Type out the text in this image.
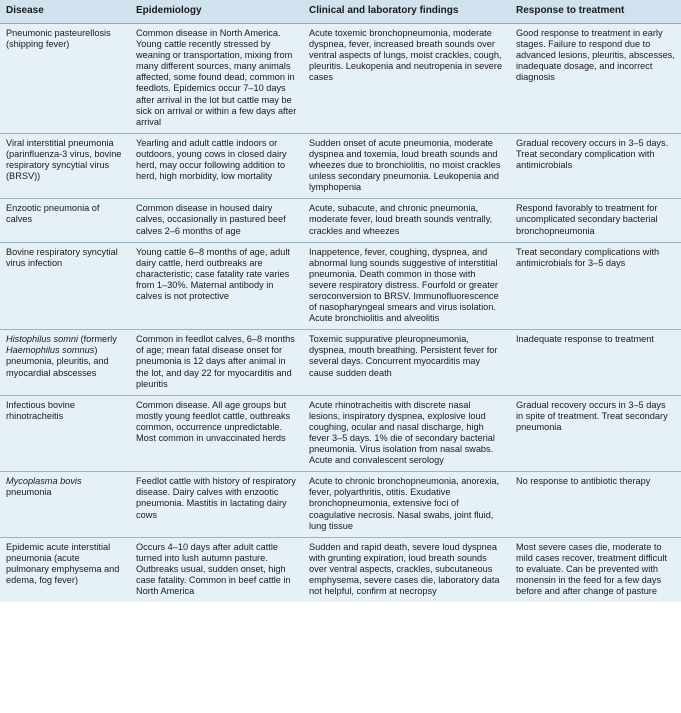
Disease	Epidemiology	Clinical and laboratory findings	Response to treatment
Pneumonic pasteurellosis (shipping fever)	Common disease in North America. Young cattle recently stressed by weaning or transportation, mixing from many different sources, many animals affected, some found dead, common in feedlots. Epidemics occur 7–10 days after arrival in the lot but cattle may be sick on arrival or within a few days after arrival	Acute toxemic bronchopneumonia, moderate dyspnea, fever, increased breath sounds over ventral aspects of lungs, moist crackles, cough, pleuritis. Leukopenia and neutropenia in severe cases	Good response to treatment in early stages. Failure to respond due to advanced lesions, pleuritis, abscesses, inadequate dosage, and incorrect diagnosis
Viral interstitial pneumonia (parinfluenza-3 virus, bovine respiratory syncytial virus (BRSV))	Yearling and adult cattle indoors or outdoors, young cows in closed dairy herd, may occur following addition to herd, high morbidity, low mortality	Sudden onset of acute pneumonia, moderate dyspnea and toxemia, loud breath sounds and wheezes due to bronchiolitis, no moist crackles unless secondary pneumonia. Leukopenia and lymphopenia	Gradual recovery occurs in 3–5 days. Treat secondary complication with antimicrobials
Enzootic pneumonia of calves	Common disease in housed dairy calves, occasionally in pastured beef calves 2–6 months of age	Acute, subacute, and chronic pneumonia, moderate fever, loud breath sounds ventrally, crackles and wheezes	Respond favorably to treatment for uncomplicated secondary bacterial bronchopneumonia
Bovine respiratory syncytial virus infection	Young cattle 6–8 months of age, adult dairy cattle, herd outbreaks are characteristic; case fatality rate varies from 1–30%. Maternal antibody in calves is not protective	Inappetence, fever, coughing, dyspnea, and abnormal lung sounds suggestive of interstitial pneumonia. Death common in those with severe respiratory distress. Fourfold or greater seroconversion to BRSV. Immunofluorescence of nasopharyngeal smears and virus isolation. Acute bronchiolitis and alveolitis	Treat secondary complications with antimicrobials for 3–5 days
Histophilus somni (formerly Haemophilus somnus) pneumonia, pleuritis, and myocardial abscesses	Common in feedlot calves, 6–8 months of age; mean fatal disease onset for pneumonia is 12 days after animal in the lot, and day 22 for myocarditis and pleuritis	Toxemic suppurative pleuropneumonia, dyspnea, mouth breathing. Persistent fever for several days. Concurrent myocarditis may cause sudden death	Inadequate response to treatment
Infectious bovine rhinotracheitis	Common disease. All age groups but mostly young feedlot cattle, outbreaks common, occurrence unpredictable. Most common in unvaccinated herds	Acute rhinotracheitis with discrete nasal lesions, inspiratory dyspnea, explosive loud coughing, ocular and nasal discharge, high fever 3–5 days. 1% die of secondary bacterial pneumonia. Virus isolation from nasal swabs. Acute and convalescent serology	Gradual recovery occurs in 3–5 days in spite of treatment. Treat secondary pneumonia
Mycoplasma bovis pneumonia	Feedlot cattle with history of respiratory disease. Dairy calves with enzootic pneumonia. Mastitis in lactating dairy cows	Acute to chronic bronchopneumonia, anorexia, fever, polyarthritis, otitis. Exudative bronchopneumonia, extensive foci of coagulative necrosis. Nasal swabs, joint fluid, lung tissue	No response to antibiotic therapy
Epidemic acute interstitial pneumonia (acute pulmonary emphysema and edema, fog fever)	Occurs 4–10 days after adult cattle turned into lush autumn pasture. Outbreaks usual, sudden onset, high case fatality. Common in beef cattle in North America	Sudden and rapid death, severe loud dyspnea with grunting expiration, loud breath sounds over ventral aspects, crackles, subcutaneous emphysema, severe cases die, laboratory data not helpful, confirm at necropsy	Most severe cases die, moderate to mild cases recover, treatment difficult to evaluate. Can be prevented with monensin in the feed for a few days before and after change of pasture
